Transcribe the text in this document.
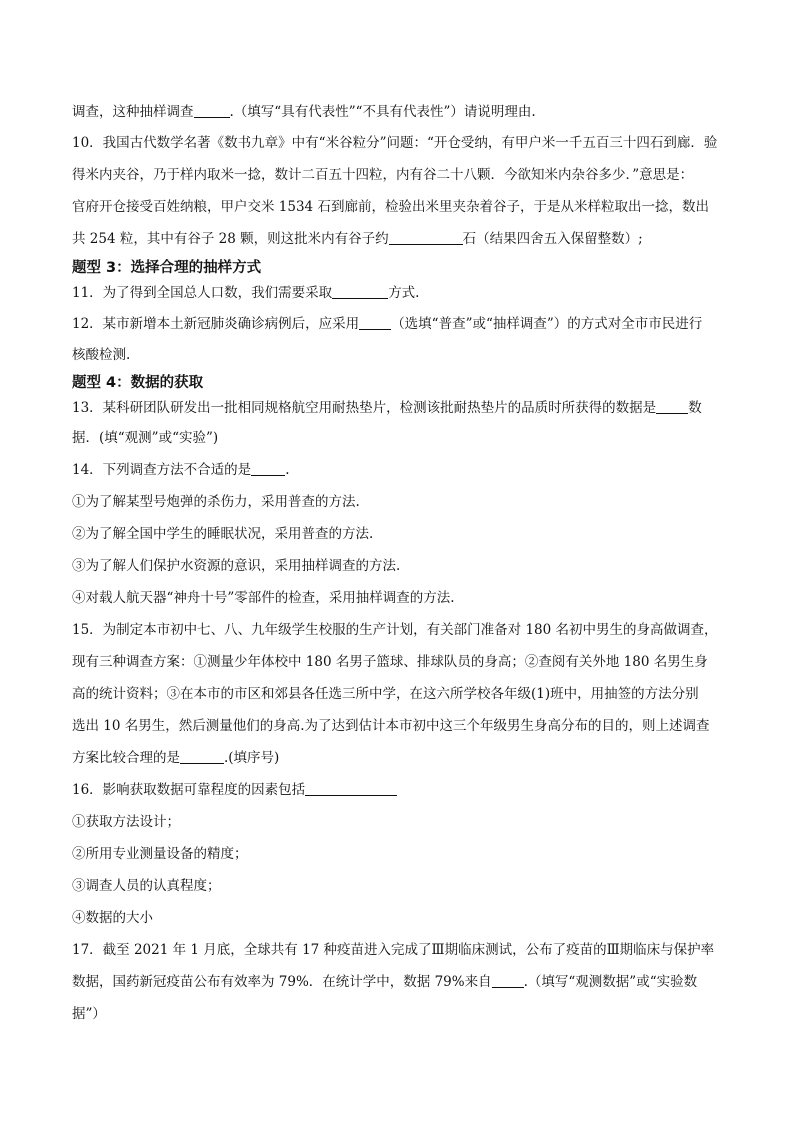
调查，这种抽样调查	.（填写“具有代表性”“不具有代表性”）请说明理由.
10．我国古代数学名著《数书九章》中有“米谷粒分”问题：“开仓受纳，有甲户米一千五百三十四石到廊．验
得米内夹谷，乃于样内取米一捻，数计二百五十四粒，内有谷二十八颗．今欲知米内杂谷多少．”意思是：
官府开仓接受百姓纳粮，甲户交米 1534 石到廊前，检验出米里夹杂着谷子，于是从米样粒取出一捻，数出
共 254 粒，其中有谷子 28 颗，则这批米内有谷子约	石（结果四舍五入保留整数）;
题型 3：选择合理的抽样方式
11．为了得到全国总人口数，我们需要采取	方式.
12．某市新增本土新冠肺炎确诊病例后，应采用 （选填“普查”或“抽样调查”）的方式对全市市民进行
核酸检测.
题型 4：数据的获取
13．某科研团队研发出一批相同规格航空用耐热垫片，检测该批耐热垫片的品质时所获得的数据是 数
据．(填“观测”或“实验”)
14．下列调查方法不合适的是	.
①为了解某型号炮弹的杀伤力，采用普查的方法.
②为了解全国中学生的睡眠状况，采用普查的方法.
③为了解人们保护水资源的意识，采用抽样调查的方法.
④对载人航天器“神舟十号”零部件的检查，采用抽样调查的方法.
15．为制定本市初中七、八、九年级学生校服的生产计划，有关部门准备对 180 名初中男生的身高做调查，
现有三种调查方案：①测量少年体校中 180 名男子篮球、排球队员的身高；②查阅有关外地 180 名男生身
高的统计资料；③在本市的市区和郊县各任选三所中学，在这六所学校各年级(1)班中，用抽签的方法分别
选出 10 名男生，然后测量他们的身高.为了达到估计本市初中这三个年级男生身高分布的目的，则上述调查
方案比较合理的是	.(填序号)
16．影响获取数据可靠程度的因素包括
①获取方法设计；
②所用专业测量设备的精度；
③调查人员的认真程度；
④数据的大小
17．截至 2021 年 1 月底，全球共有 17 种疫苗进入完成了Ⅲ期临床测试，公布了疫苗的Ⅲ期临床与保护率
数据，国药新冠疫苗公布有效率为 79%．在统计学中，数据 79%来自 .（填写“观测数据”或“实验数
据”）
